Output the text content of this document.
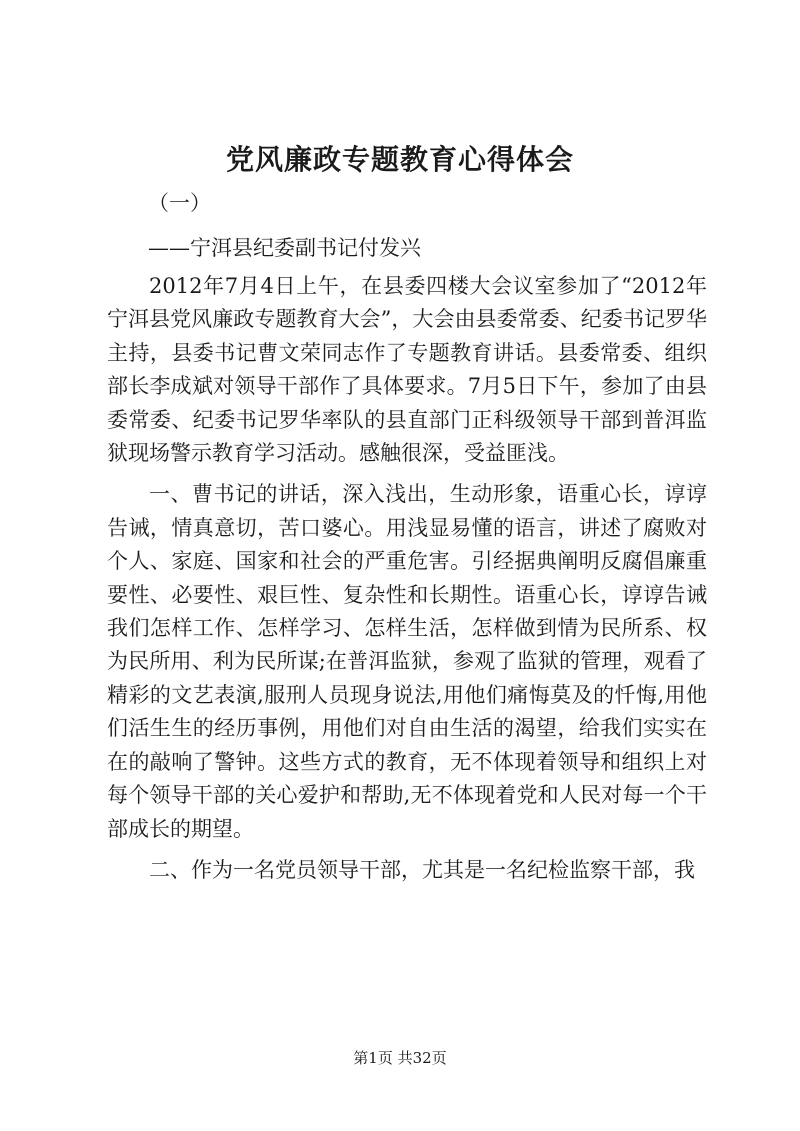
党风廉政专题教育心得体会
（一）
——宁洱县纪委副书记付发兴

2012年7月4日上午，在县委四楼大会议室参加了“2012年宁洱县党风廉政专题教育大会”，大会由县委常委、纪委书记罗华主持，县委书记曹文荣同志作了专题教育讲话。县委常委、组织部长李成斌对领导干部作了具体要求。7月5日下午，参加了由县委常委、纪委书记罗华率队的县直部门正科级领导干部到普洱监狱现场警示教育学习活动。感触很深，受益匪浅。

一、曹书记的讲话，深入浅出，生动形象，语重心长，谆谆告诫，情真意切，苦口婆心。用浅显易懂的语言，讲述了腐败对个人、家庭、国家和社会的严重危害。引经据典阐明反腐倡廉重要性、必要性、艰巨性、复杂性和长期性。语重心长，谆谆告诫我们怎样工作、怎样学习、怎样生活，怎样做到情为民所系、权为民所用、利为民所谋;在普洱监狱，参观了监狱的管理，观看了精彩的文艺表演,服刑人员现身说法,用他们痛悔莫及的忏悔,用他们活生生的经历事例，用他们对自由生活的渴望，给我们实实在在的敲响了警钟。这些方式的教育，无不体现着领导和组织上对每个领导干部的关心爱护和帮助,无不体现着党和人民对每一个干部成长的期望。

二、作为一名党员领导干部，尤其是一名纪检监察干部，我

第1页 共32页
